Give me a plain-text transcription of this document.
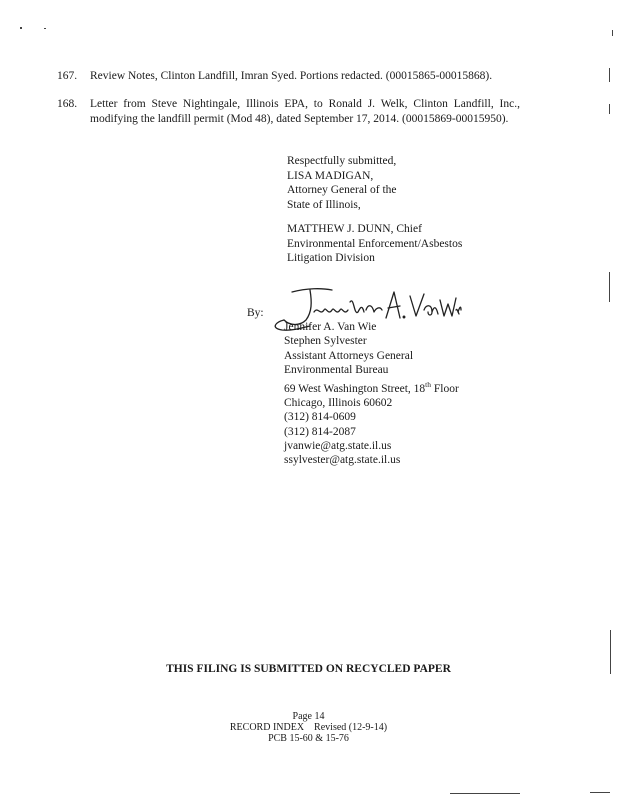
167. Review Notes, Clinton Landfill, Imran Syed. Portions redacted. (00015865-00015868).
168. Letter from Steve Nightingale, Illinois EPA, to Ronald J. Welk, Clinton Landfill, Inc., modifying the landfill permit (Mod 48), dated September 17, 2014. (00015869-00015950).
Respectfully submitted,
LISA MADIGAN,
Attorney General of the
State of Illinois,
MATTHEW J. DUNN, Chief
Environmental Enforcement/Asbestos
Litigation Division
By:
Jennifer A. Van Wie
Stephen Sylvester
Assistant Attorneys General
Environmental Bureau
69 West Washington Street, 18th Floor
Chicago, Illinois 60602
(312) 814-0609
(312) 814-2087
jvanwie@atg.state.il.us
ssylvester@atg.state.il.us
THIS FILING IS SUBMITTED ON RECYCLED PAPER
Page 14
RECORD INDEX    Revised (12-9-14)
PCB 15-60 & 15-76
